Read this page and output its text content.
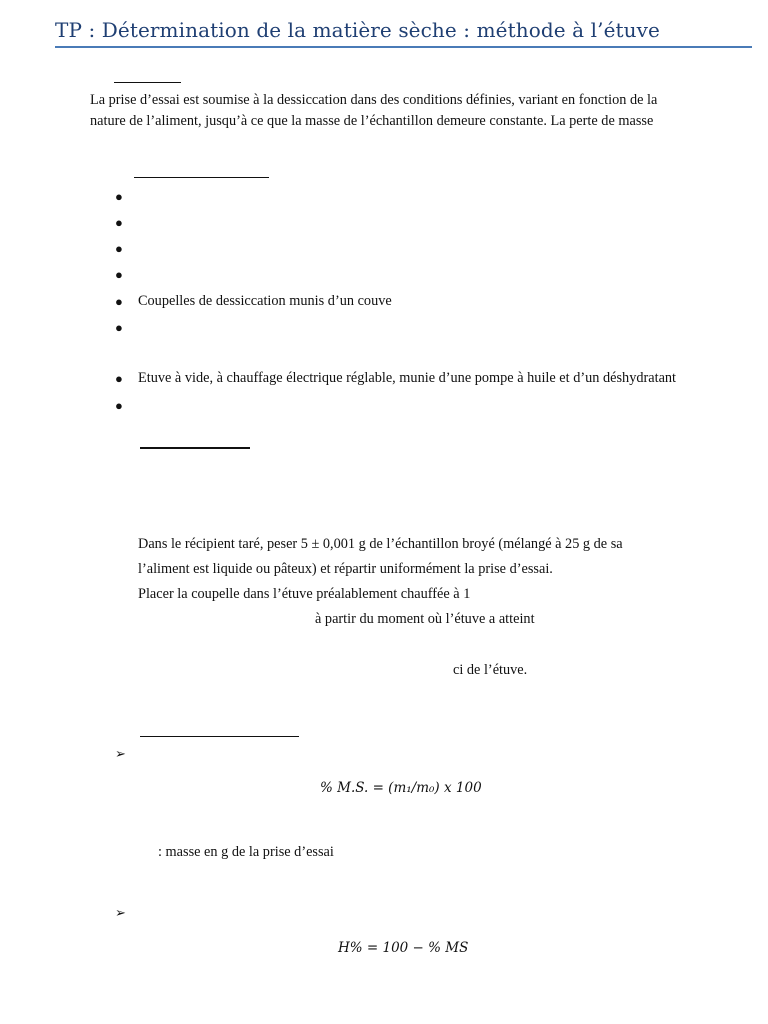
TP : Détermination de la matière sèche : méthode à l’étuve
La prise d’essai est soumise à la dessiccation dans des conditions définies, variant en fonction de la
nature de l’aliment, jusqu’à ce que la masse de l’échantillon demeure constante. La perte de masse
●
●
●
●
● Coupelles de dessiccation munis d’un couve
●
● Etuve à vide, à chauffage électrique réglable, munie d’une pompe à huile et d’un déshydratant
●
Dans le récipient taré, peser 5 ± 0,001 g de l’échantillon broyé (mélangé à 25 g de sa
l’aliment est liquide ou pâteux) et répartir uniformément la prise d’essai.
Placer la coupelle dans l’étuve préalablement chauffée à 1
à partir du moment où l’étuve a atteint
ci de l’étuve.
➢
% M.S. = (m₁/m₀) x 100
: masse en g de la prise d’essai
➢
H% = 100 − % MS
